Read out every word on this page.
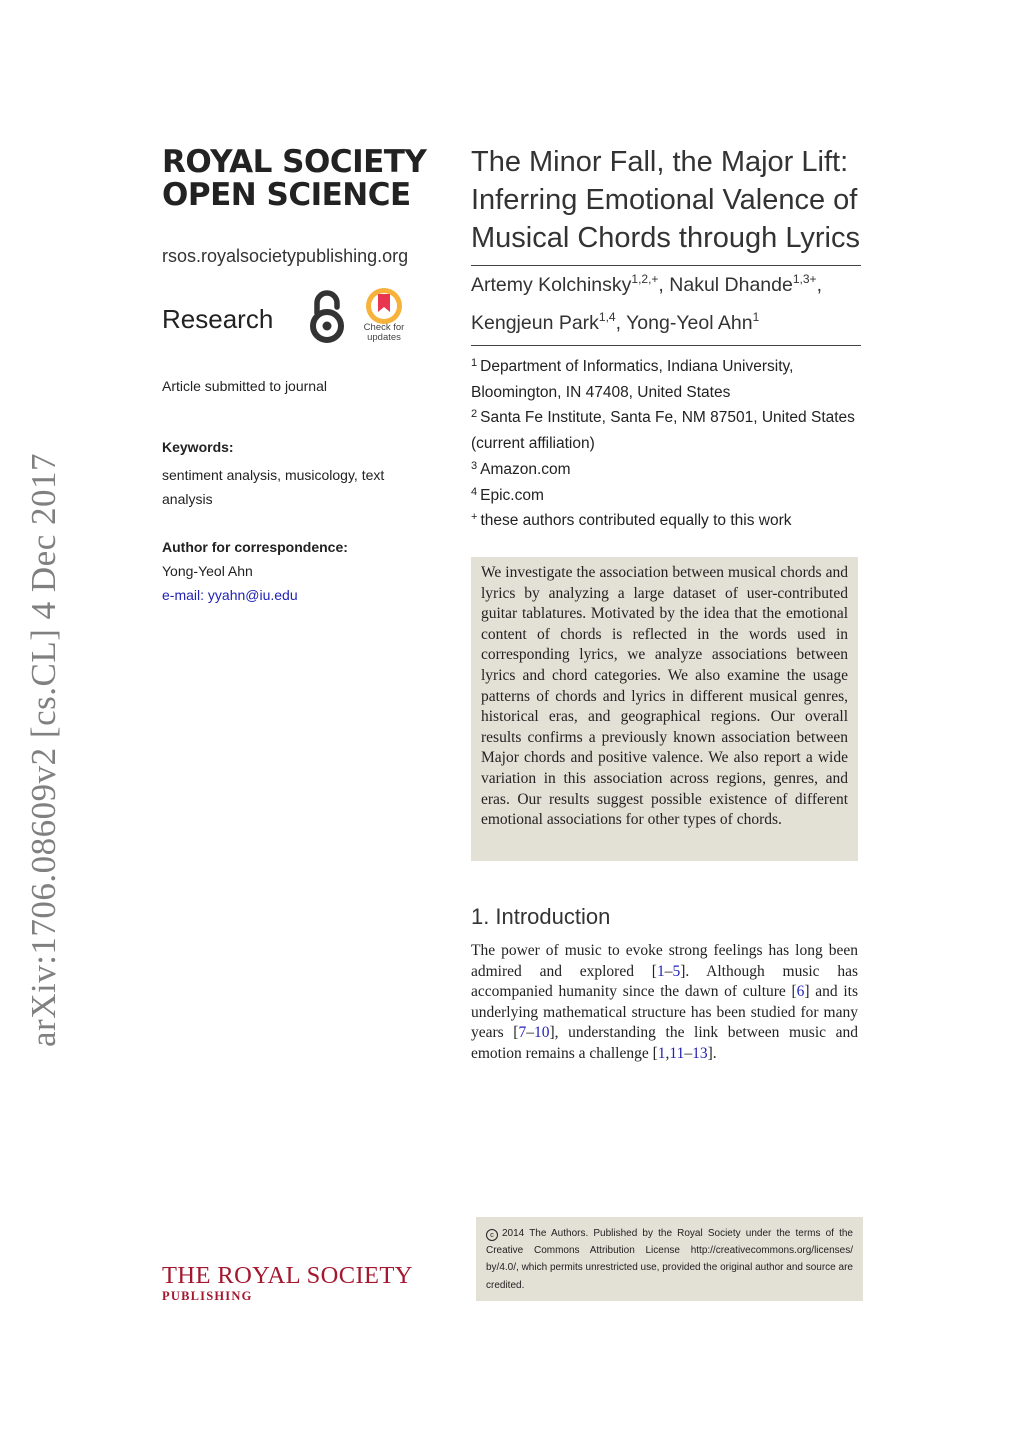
arXiv:1706.08609v2 [cs.CL] 4 Dec 2017
ROYAL SOCIETY
OPEN SCIENCE
rsos.royalsocietypublishing.org
Research	Check for
updates
Article submitted to journal
Keywords:
sentiment analysis, musicology, text analysis
Author for correspondence:
Yong-Yeol Ahn
e-mail: yyahn@iu.edu
THE ROYAL SOCIETY
PUBLISHING
The Minor Fall, the Major Lift: Inferring Emotional Valence of Musical Chords through Lyrics
Artemy Kolchinsky$^{1,2,+}$, Nakul Dhande$^{1,3+}$,
Kengjeun Park$^{1,4}$, Yong-Yeol Ahn$^1$
$^1$ Department of Informatics, Indiana University, Bloomington, IN 47408, United States
$^2$ Santa Fe Institute, Santa Fe, NM 87501, United States (current affiliation)
$^3$ Amazon.com
$^4$ Epic.com
+ these authors contributed equally to this work

We investigate the association between musical chords and lyrics by analyzing a large dataset of user-contributed guitar tablatures. Motivated by the idea that the emotional content of chords is reflected in the words used in corresponding lyrics, we analyze associations between lyrics and chord categories. We also examine the usage patterns of chords and lyrics in different musical genres, historical eras, and geographical regions. Our overall results confirms a previously known association between Major chords and positive valence. We also report a wide variation in this association across regions, genres, and eras. Our results suggest possible existence of different emotional associations for other types of chords.

1. Introduction

The power of music to evoke strong feelings has long been admired and explored [1–5]. Although music has accompanied humanity since the dawn of culture [6] and its underlying mathematical structure has been studied for many years [7–10], understanding the link between music and emotion remains a challenge [1,11–13].

c 2014 The Authors. Published by the Royal Society under the terms of the Creative Commons Attribution License http://creativecommons.org/licenses/ by/4.0/, which permits unrestricted use, provided the original author and source are credited.
